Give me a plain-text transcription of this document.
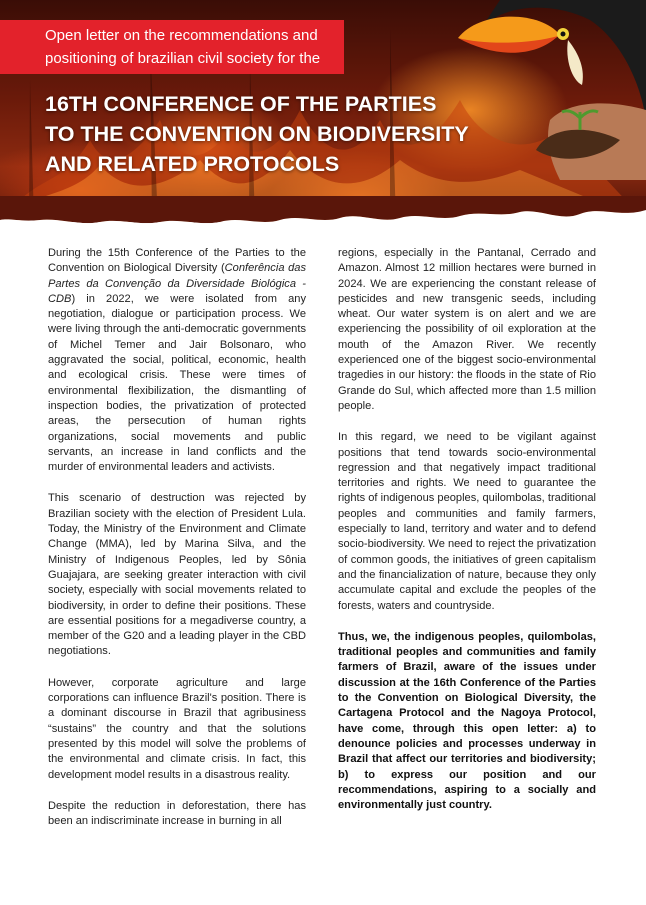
Open letter on the recommendations and positioning of brazilian civil society for the
16TH CONFERENCE OF THE PARTIES
TO THE CONVENTION ON BIODIVERSITY
AND RELATED PROTOCOLS

During the 15th Conference of the Parties to the Convention on Biological Diversity (Conferência das Partes da Convenção da Diversidade Biológica - CDB) in 2022, we were isolated from any negotiation, dialogue or participation process. We were living through the anti-democratic governments of Michel Temer and Jair Bolsonaro, who aggravated the social, political, economic, health and ecological crisis. These were times of environmental flexibilization, the dismantling of inspection bodies, the privatization of protected areas, the persecution of human rights organizations, social movements and public servants, an increase in land conflicts and the murder of environmental leaders and activists.

This scenario of destruction was rejected by Brazilian society with the election of President Lula. Today, the Ministry of the Environment and Climate Change (MMA), led by Marina Silva, and the Ministry of Indigenous Peoples, led by Sônia Guajajara, are seeking greater interaction with civil society, especially with social movements related to biodiversity, in order to define their positions. These are essential positions for a megadiverse country, a member of the G20 and a leading player in the CBD negotiations.

However, corporate agriculture and large corporations can influence Brazil's position. There is a dominant discourse in Brazil that agribusiness “sustains” the country and that the solutions presented by this model will solve the problems of the environmental and climate crisis. In fact, this development model results in a disastrous reality.

Despite the reduction in deforestation, there has been an indiscriminate increase in burning in all

regions, especially in the Pantanal, Cerrado and Amazon. Almost 12 million hectares were burned in 2024. We are experiencing the constant release of pesticides and new transgenic seeds, including wheat. Our water system is on alert and we are experiencing the possibility of oil exploration at the mouth of the Amazon River. We recently experienced one of the biggest socio-environmental tragedies in our history: the floods in the state of Rio Grande do Sul, which affected more than 1.5 million people.

In this regard, we need to be vigilant against positions that tend towards socio-environmental regression and that negatively impact traditional territories and rights. We need to guarantee the rights of indigenous peoples, quilombolas, traditional peoples and communities and family farmers, especially to land, territory and water and to defend socio-biodiversity. We need to reject the privatization of common goods, the initiatives of green capitalism and the financialization of nature, because they only accumulate capital and exclude the peoples of the forests, waters and countryside.

Thus, we, the indigenous peoples, quilombolas, traditional peoples and communities and family farmers of Brazil, aware of the issues under discussion at the 16th Conference of the Parties to the Convention on Biological Diversity, the Cartagena Protocol and the Nagoya Protocol, have come, through this open letter: a) to denounce policies and processes underway in Brazil that affect our territories and biodiversity; b) to express our position and our recommendations, aspiring to a socially and environmentally just country.
